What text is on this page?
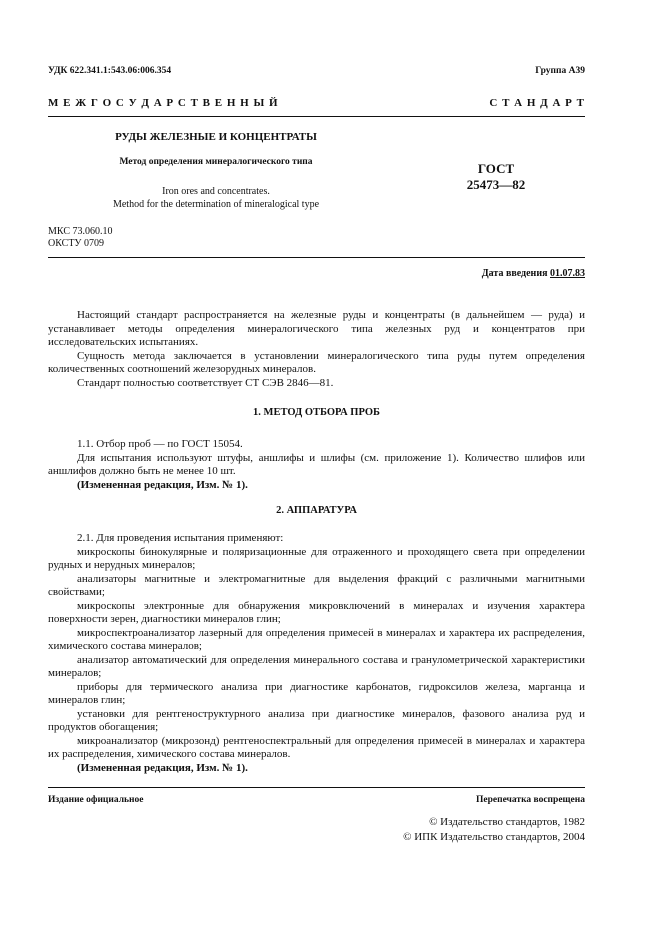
УДК 622.341.1:543.06:006.354	Группа А39
М Е Ж Г О С У Д А Р С Т В Е Н Н Ы Й	С Т А Н Д А Р Т
РУДЫ ЖЕЛЕЗНЫЕ И КОНЦЕНТРАТЫ
Метод определения минералогического типа
Iron ores and concentrates.
Method for the determination of mineralogical type
ГОСТ
25473—82
МКС 73.060.10
ОКСТУ 0709
Дата введения 01.07.83

Настоящий стандарт распространяется на железные руды и концентраты (в дальнейшем — руда) и устанавливает методы определения минералогического типа железных руд и концентратов при исследовательских испытаниях.

Сущность метода заключается в установлении минералогического типа руды путем определения количественных соотношений железорудных минералов.

Стандарт полностью соответствует СТ СЭВ 2846—81.

1. МЕТОД ОТБОРА ПРОБ

1.1. Отбор проб — по ГОСТ 15054.

Для испытания используют штуфы, аншлифы и шлифы (см. приложение 1). Количество шлифов или аншлифов должно быть не менее 10 шт.

(Измененная редакция, Изм. № 1).

2. АППАРАТУРА

2.1. Для проведения испытания применяют:

микроскопы бинокулярные и поляризационные для отраженного и проходящего света при определении рудных и нерудных минералов;

анализаторы магнитные и электромагнитные для выделения фракций с различными магнитными свойствами;

микроскопы электронные для обнаружения микровключений в минералах и изучения характера поверхности зерен, диагностики минералов глин;

микроспектроанализатор лазерный для определения примесей в минералах и характера их распределения, химического состава минералов;

анализатор автоматический для определения минерального состава и гранулометрической характеристики минералов;

приборы для термического анализа при диагностике карбонатов, гидроксилов железа, марганца и минералов глин;

установки для рентгеноструктурного анализа при диагностике минералов, фазового анализа руд и продуктов обогащения;

микроанализатор (микрозонд) рентгеноспектральный для определения примесей в минералах и характера их распределения, химического состава минералов.

(Измененная редакция, Изм. № 1).

Издание официальное	Перепечатка воспрещена
© Издательство стандартов, 1982
© ИПК Издательство стандартов, 2004
